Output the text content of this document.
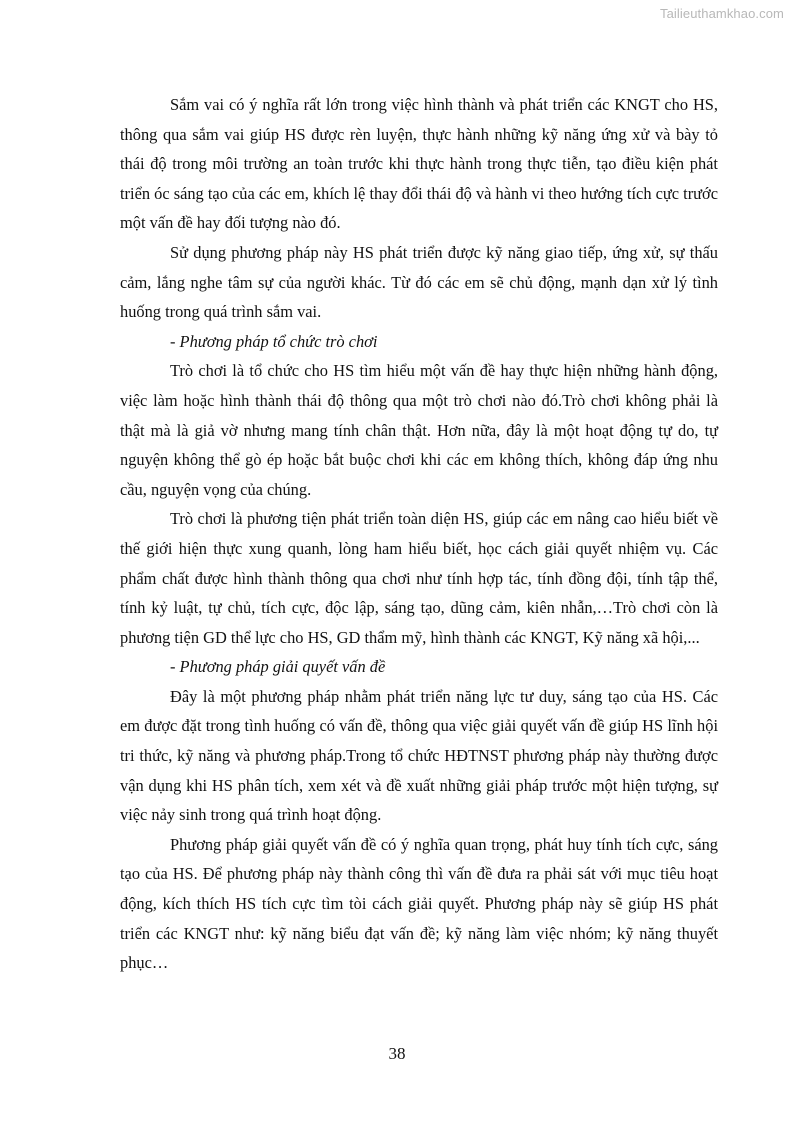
Tailieuthamkhao.com

Sắm vai có ý nghĩa rất lớn trong việc hình thành và phát triển các KNGT cho HS, thông qua sắm vai giúp HS được rèn luyện, thực hành những kỹ năng ứng xử và bày tỏ thái độ trong môi trường an toàn trước khi thực hành trong thực tiễn, tạo điều kiện phát triển óc sáng tạo của các em, khích lệ thay đổi thái độ và hành vi theo hướng tích cực trước một vấn đề hay đối tượng nào đó.

Sử dụng phương pháp này HS phát triển được kỹ năng giao tiếp, ứng xử, sự thấu cảm, lắng nghe tâm sự của người khác. Từ đó các em sẽ chủ động, mạnh dạn xử lý tình huống trong quá trình sắm vai.

- Phương pháp tổ chức trò chơi

Trò chơi là tổ chức cho HS tìm hiểu một vấn đề hay thực hiện những hành động, việc làm hoặc hình thành thái độ thông qua một trò chơi nào đó.Trò chơi không phải là thật mà là giả vờ nhưng mang tính chân thật. Hơn nữa, đây là một hoạt động tự do, tự nguyện không thể gò ép hoặc bắt buộc chơi khi các em không thích, không đáp ứng nhu cầu, nguyện vọng của chúng.

Trò chơi là phương tiện phát triển toàn diện HS, giúp các em nâng cao hiểu biết về thế giới hiện thực xung quanh, lòng ham hiểu biết, học cách giải quyết nhiệm vụ. Các phẩm chất được hình thành thông qua chơi như tính hợp tác, tính đồng đội, tính tập thể, tính kỷ luật, tự chủ, tích cực, độc lập, sáng tạo, dũng cảm, kiên nhẫn,…Trò chơi còn là phương tiện GD thể lực cho HS, GD thẩm mỹ, hình thành các KNGT, Kỹ năng xã hội,...

- Phương pháp giải quyết vấn đề

Đây là một phương pháp nhằm phát triển năng lực tư duy, sáng tạo của HS. Các em được đặt trong tình huống có vấn đề, thông qua việc giải quyết vấn đề giúp HS lĩnh hội tri thức, kỹ năng và phương pháp.Trong tổ chức HĐTNST phương pháp này thường được vận dụng khi HS phân tích, xem xét và đề xuất những giải pháp trước một hiện tượng, sự việc nảy sinh trong quá trình hoạt động.

Phương pháp giải quyết vấn đề có ý nghĩa quan trọng, phát huy tính tích cực, sáng tạo của HS. Để phương pháp này thành công thì vấn đề đưa ra phải sát với mục tiêu hoạt động, kích thích HS tích cực tìm tòi cách giải quyết. Phương pháp này sẽ giúp HS phát triển các KNGT như: kỹ năng biểu đạt vấn đề; kỹ năng làm việc nhóm; kỹ năng thuyết phục…

38
